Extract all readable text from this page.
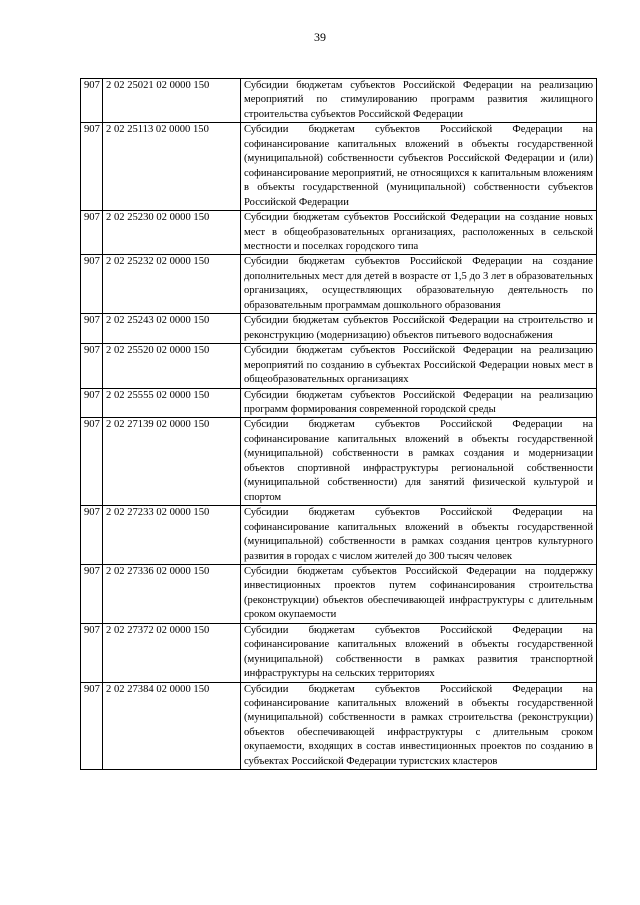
39
907	2 02 25021 02 0000 150	Субсидии бюджетам субъектов Российской Федерации на реализацию мероприятий по стимулированию программ развития жилищного строительства субъектов Российской Федерации
907	2 02 25113 02 0000 150	Субсидии бюджетам субъектов Российской Федерации на софинансирование капитальных вложений в объекты государственной (муниципальной) собственности субъектов Российской Федерации и (или) софинансирование мероприятий, не относящихся к капитальным вложениям в объекты государственной (муниципальной) собственности субъектов Российской Федерации
907	2 02 25230 02 0000 150	Субсидии бюджетам субъектов Российской Федерации на создание новых мест в общеобразовательных организациях, расположенных в сельской местности и поселках городского типа
907	2 02 25232 02 0000 150	Субсидии бюджетам субъектов Российской Федерации на создание дополнительных мест для детей в возрасте от 1,5 до 3 лет в образовательных организациях, осуществляющих образовательную деятельность по образовательным программам дошкольного образования
907	2 02 25243 02 0000 150	Субсидии бюджетам субъектов Российской Федерации на строительство и реконструкцию (модернизацию) объектов питьевого водоснабжения
907	2 02 25520 02 0000 150	Субсидии бюджетам субъектов Российской Федерации на реализацию мероприятий по созданию в субъектах Российской Федерации новых мест в общеобразовательных организациях
907	2 02 25555 02 0000 150	Субсидии бюджетам субъектов Российской Федерации на реализацию программ формирования современной городской среды
907	2 02 27139 02 0000 150	Субсидии бюджетам субъектов Российской Федерации на софинансирование капитальных вложений в объекты государственной (муниципальной) собственности в рамках создания и модернизации объектов спортивной инфраструктуры региональной собственности (муниципальной собственности) для занятий физической культурой и спортом
907	2 02 27233 02 0000 150	Субсидии бюджетам субъектов Российской Федерации на софинансирование капитальных вложений в объекты государственной (муниципальной) собственности в рамках создания центров культурного развития в городах с числом жителей до 300 тысяч человек
907	2 02 27336 02 0000 150	Субсидии бюджетам субъектов Российской Федерации на поддержку инвестиционных проектов путем софинансирования строительства (реконструкции) объектов обеспечивающей инфраструктуры с длительным сроком окупаемости
907	2 02 27372 02 0000 150	Субсидии бюджетам субъектов Российской Федерации на софинансирование капитальных вложений в объекты государственной (муниципальной) собственности в рамках развития транспортной инфраструктуры на сельских территориях
907	2 02 27384 02 0000 150	Субсидии бюджетам субъектов Российской Федерации на софинансирование капитальных вложений в объекты государственной (муниципальной) собственности в рамках строительства (реконструкции) объектов обеспечивающей инфраструктуры с длительным сроком окупаемости, входящих в состав инвестиционных проектов по созданию в субъектах Российской Федерации туристских кластеров
